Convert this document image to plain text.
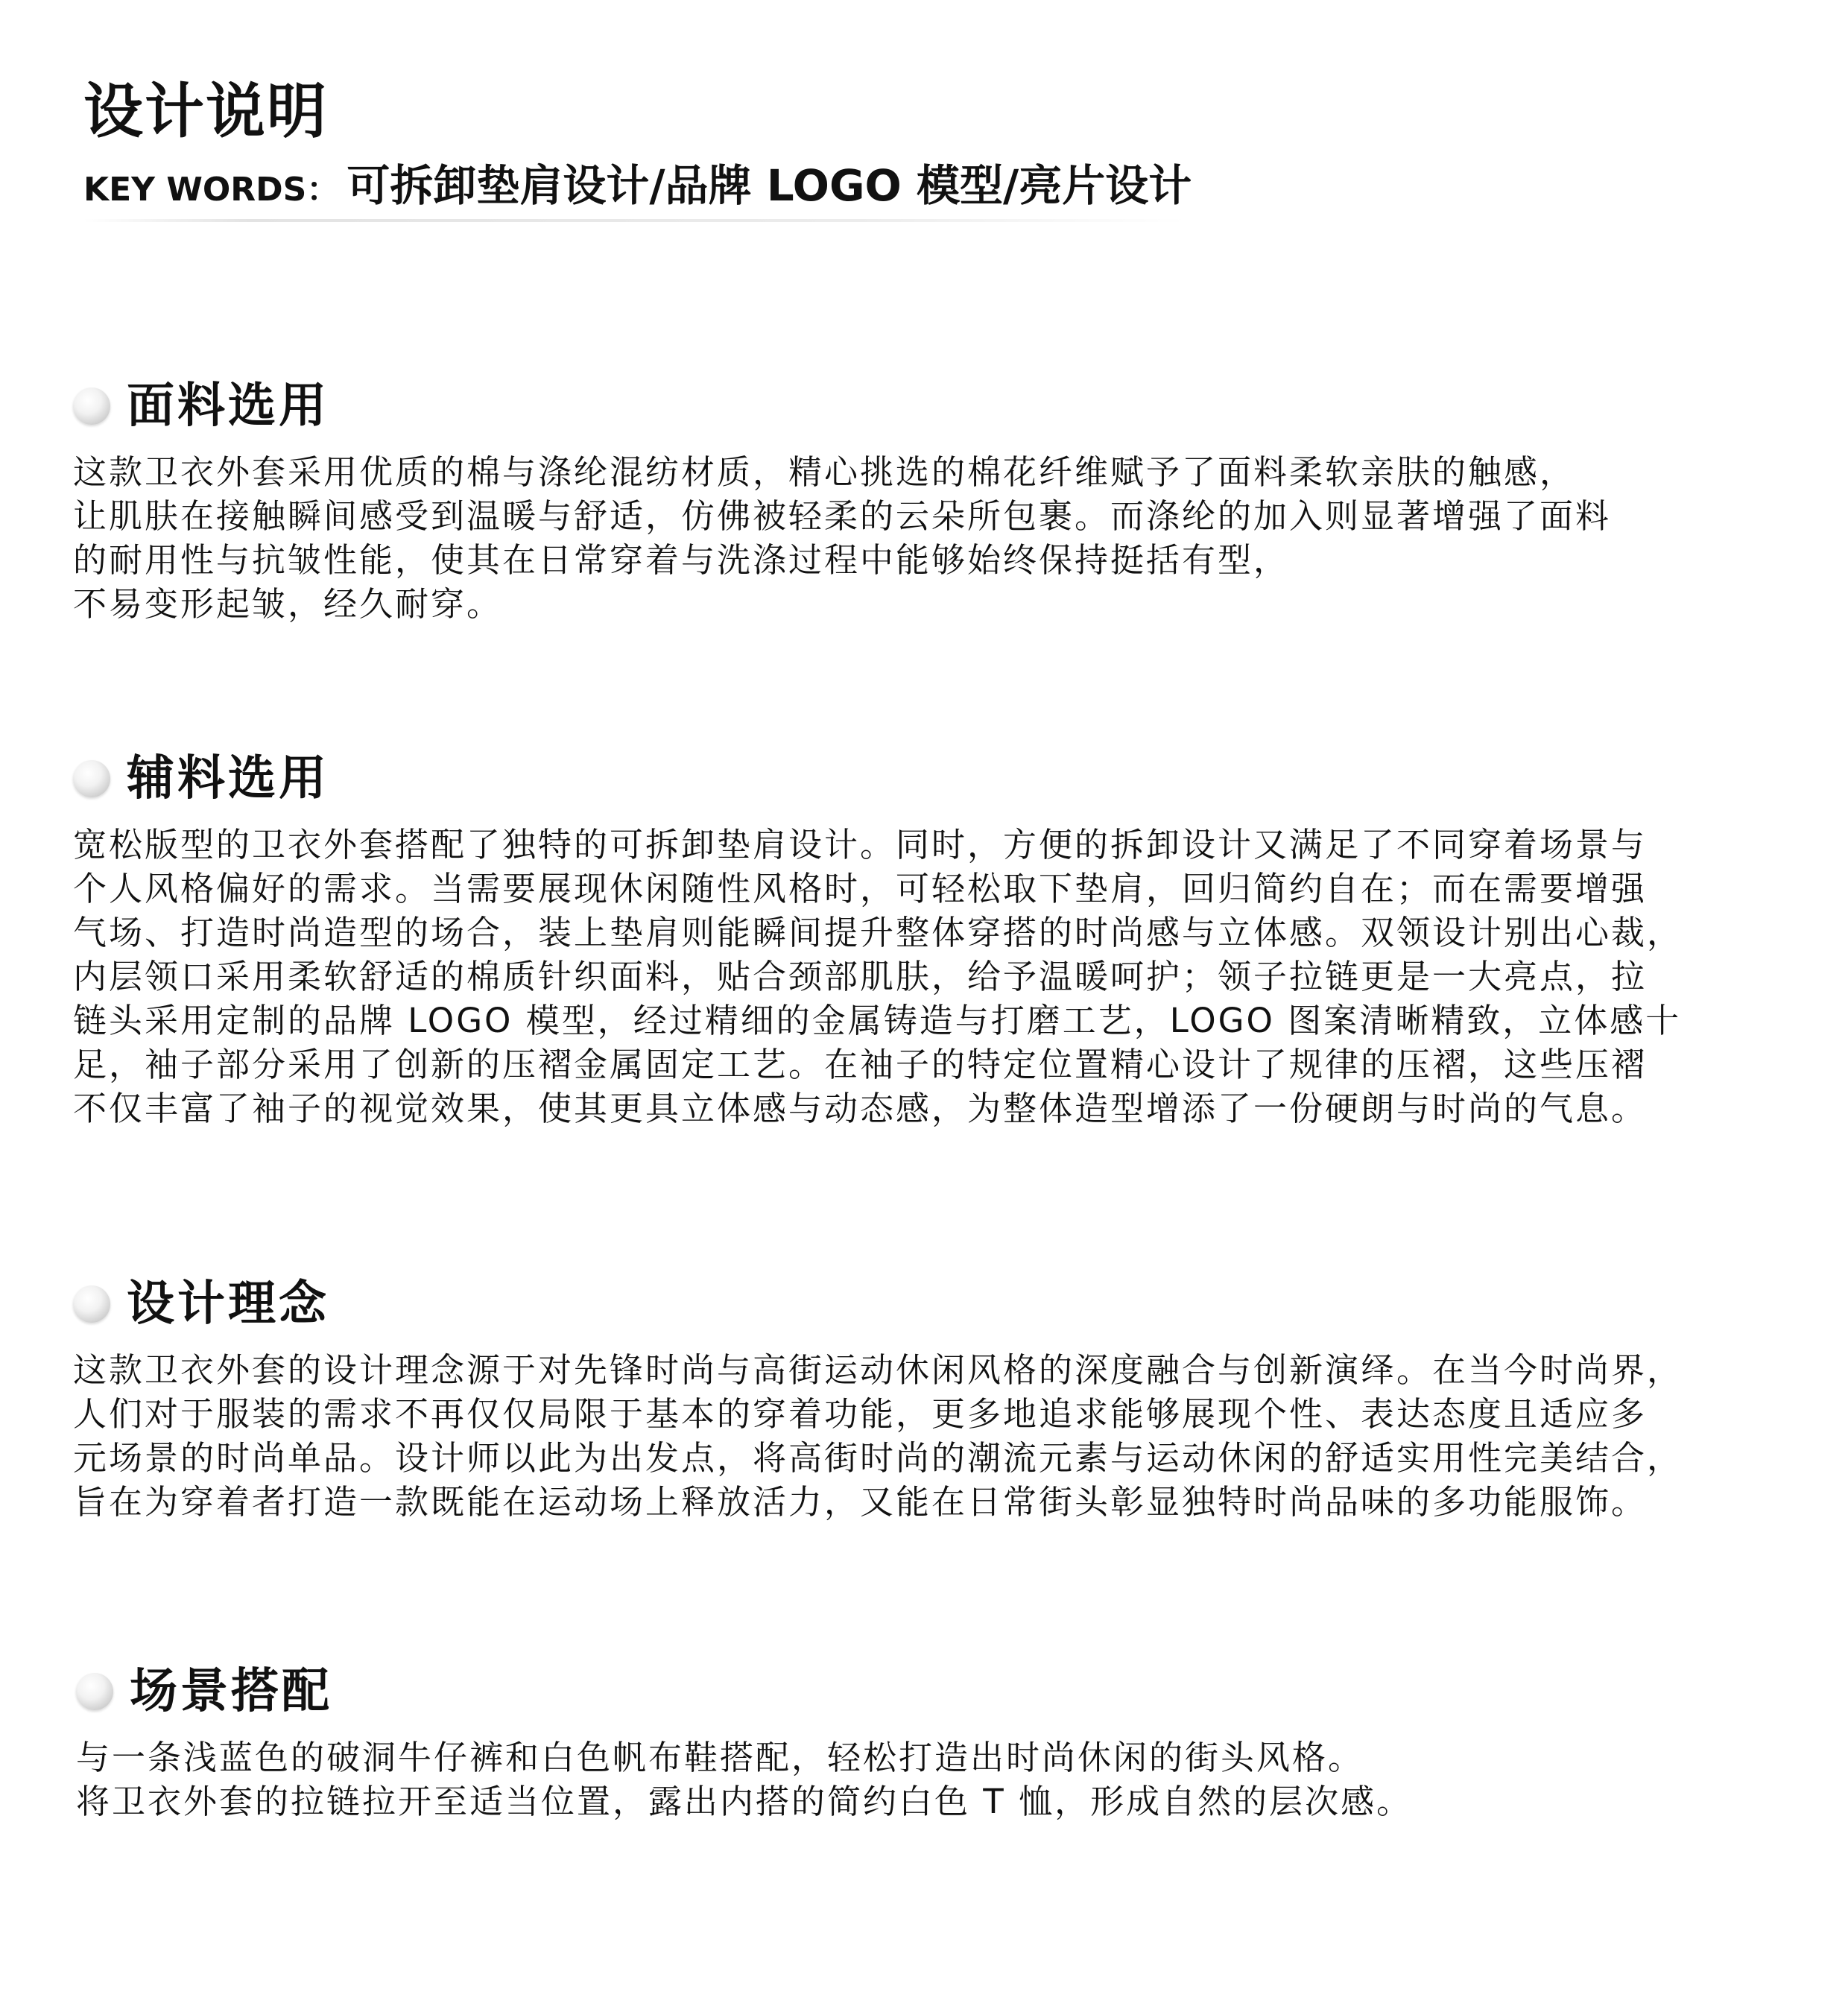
设计说明
KEY WORDS： 可拆卸垫肩设计/品牌 LOGO 模型/亮片设计
面料选用
这款卫衣外套采用优质的棉与涤纶混纺材质，精心挑选的棉花纤维赋予了面料柔软亲肤的触感，
让肌肤在接触瞬间感受到温暖与舒适，仿佛被轻柔的云朵所包裹。而涤纶的加入则显著增强了面料
的耐用性与抗皱性能，使其在日常穿着与洗涤过程中能够始终保持挺括有型，
不易变形起皱，经久耐穿。
辅料选用
宽松版型的卫衣外套搭配了独特的可拆卸垫肩设计。同时，方便的拆卸设计又满足了不同穿着场景与
个人风格偏好的需求。当需要展现休闲随性风格时，可轻松取下垫肩，回归简约自在；而在需要增强
气场、打造时尚造型的场合，装上垫肩则能瞬间提升整体穿搭的时尚感与立体感。双领设计别出心裁，
内层领口采用柔软舒适的棉质针织面料，贴合颈部肌肤，给予温暖呵护；领子拉链更是一大亮点，拉
链头采用定制的品牌 LOGO 模型，经过精细的金属铸造与打磨工艺，LOGO 图案清晰精致，立体感十
足，袖子部分采用了创新的压褶金属固定工艺。在袖子的特定位置精心设计了规律的压褶，这些压褶
不仅丰富了袖子的视觉效果，使其更具立体感与动态感，为整体造型增添了一份硬朗与时尚的气息。
设计理念
这款卫衣外套的设计理念源于对先锋时尚与高街运动休闲风格的深度融合与创新演绎。在当今时尚界，
人们对于服装的需求不再仅仅局限于基本的穿着功能，更多地追求能够展现个性、表达态度且适应多
元场景的时尚单品。设计师以此为出发点，将高街时尚的潮流元素与运动休闲的舒适实用性完美结合，
旨在为穿着者打造一款既能在运动场上释放活力，又能在日常街头彰显独特时尚品味的多功能服饰。
场景搭配
与一条浅蓝色的破洞牛仔裤和白色帆布鞋搭配，轻松打造出时尚休闲的街头风格。
将卫衣外套的拉链拉开至适当位置，露出内搭的简约白色 T 恤，形成自然的层次感。
